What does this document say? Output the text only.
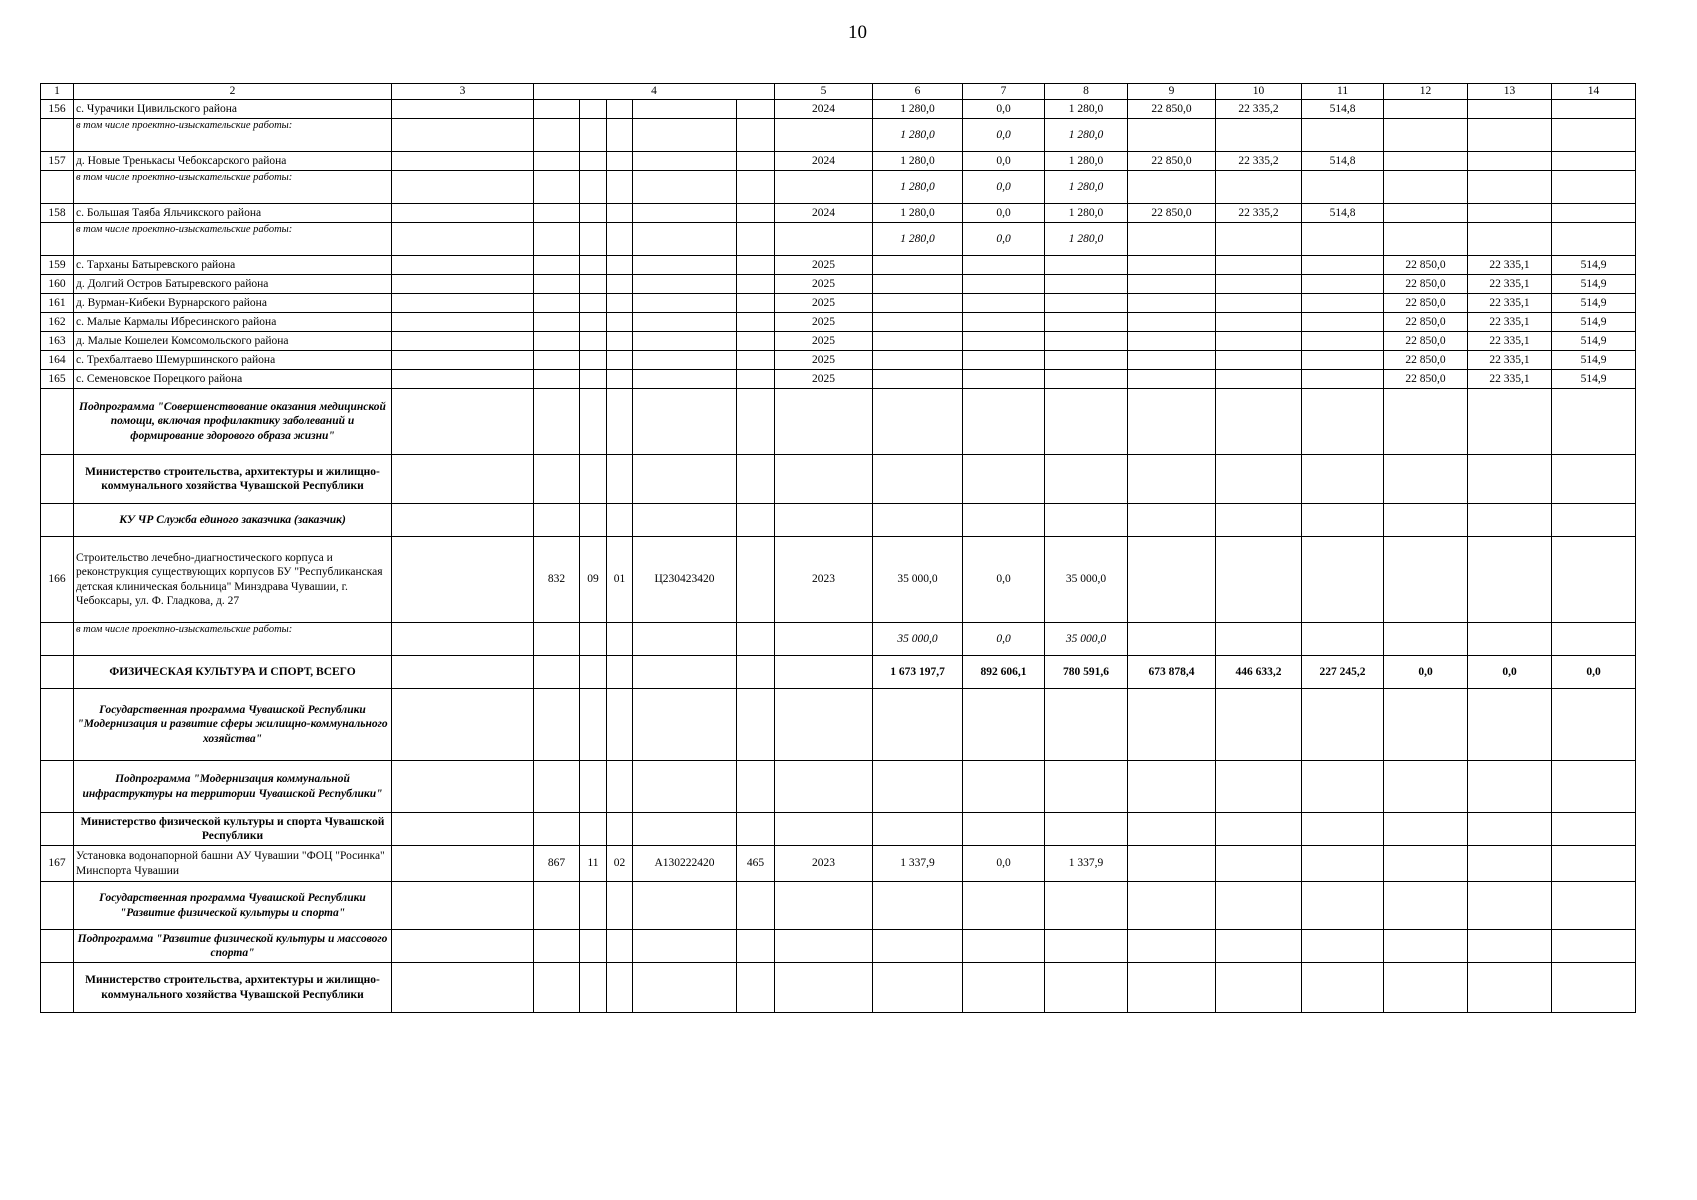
10
1	2	3	4					5	6	7	8	9	10	11	12	13	14
156	с. Чурачики Цивильского района							2024	1 280,0	0,0	1 280,0	22 850,0	22 335,2	514,8			
	в том числе проектно-изыскательские работы:								1 280,0	0,0	1 280,0						
157	д. Новые Тренькасы Чебоксарского района							2024	1 280,0	0,0	1 280,0	22 850,0	22 335,2	514,8			
	в том числе проектно-изыскательские работы:								1 280,0	0,0	1 280,0						
158	с. Большая Таяба Яльчикского района							2024	1 280,0	0,0	1 280,0	22 850,0	22 335,2	514,8			
	в том числе проектно-изыскательские работы:								1 280,0	0,0	1 280,0						
159	с. Тарханы Батыревского района							2025							22 850,0	22 335,1	514,9
160	д. Долгий Остров Батыревского района							2025							22 850,0	22 335,1	514,9
161	д. Вурман-Кибеки Вурнарского района							2025							22 850,0	22 335,1	514,9
162	с. Малые Кармалы Ибресинского района							2025							22 850,0	22 335,1	514,9
163	д. Малые Кошелеи Комсомольского района							2025							22 850,0	22 335,1	514,9
164	с. Трехбалтаево Шемуршинского района							2025							22 850,0	22 335,1	514,9
165	с. Семеновское Порецкого района							2025							22 850,0	22 335,1	514,9
	Подпрограмма "Совершенствование оказания медицинской помощи, включая профилактику заболеваний и формирование здорового образа жизни"																
	Министерство строительства, архитектуры и жилищно-коммунального хозяйства Чувашской Республики																
	КУ ЧР Служба единого заказчика (заказчик)																
166	Строительство лечебно-диагностического корпуса и реконструкция существующих корпусов БУ "Республиканская детская клиническая больница" Минздрава Чувашии, г. Чебоксары, ул. Ф. Гладкова, д. 27		832	09	01	Ц230423420		2023	35 000,0	0,0	35 000,0						
	в том числе проектно-изыскательские работы:								35 000,0	0,0	35 000,0						
	ФИЗИЧЕСКАЯ КУЛЬТУРА И СПОРТ, ВСЕГО								1 673 197,7	892 606,1	780 591,6	673 878,4	446 633,2	227 245,2	0,0	0,0	0,0
	Государственная программа Чувашской Республики "Модернизация и развитие сферы жилищно-коммунального хозяйства"																
	Подпрограмма "Модернизация коммунальной инфраструктуры на территории Чувашской Республики"																
	Министерство физической культуры и спорта Чувашской Республики																
167	Установка водонапорной башни АУ Чувашии "ФОЦ "Росинка" Минспорта Чувашии		867	11	02	А130222420	465	2023	1 337,9	0,0	1 337,9						
	Государственная программа Чувашской Республики "Развитие физической культуры и спорта"																
	Подпрограмма "Развитие физической культуры и массового спорта"																
	Министерство строительства, архитектуры и жилищно-коммунального хозяйства Чувашской Республики																
